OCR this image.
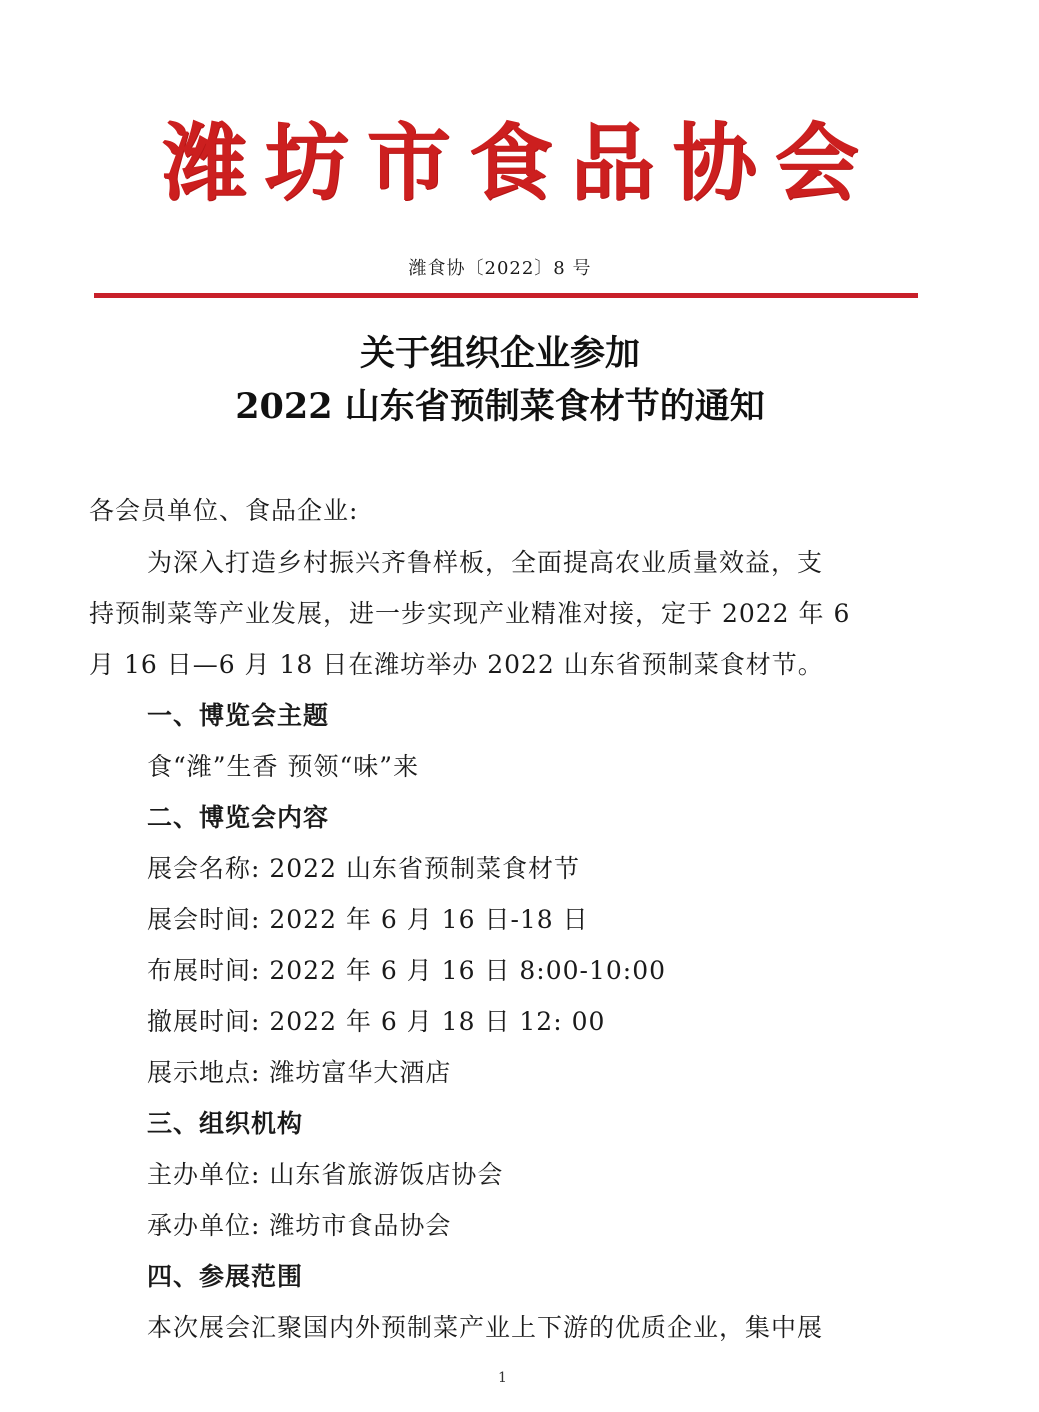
潍坊市食品协会
潍食协〔2022〕8 号
关于组织企业参加
2022 山东省预制菜食材节的通知
各会员单位、食品企业:
为深入打造乡村振兴齐鲁样板，全面提高农业质量效益，支
持预制菜等产业发展，进一步实现产业精准对接，定于 2022 年 6
月 16 日—6 月 18 日在潍坊举办 2022 山东省预制菜食材节。
一、博览会主题
食“潍”生香 预领“味”来
二、博览会内容
展会名称: 2022 山东省预制菜食材节
展会时间: 2022 年 6 月 16 日-18 日
布展时间: 2022 年 6 月 16 日 8:00-10:00
撤展时间: 2022 年 6 月 18 日 12: 00
展示地点: 潍坊富华大酒店
三、组织机构
主办单位: 山东省旅游饭店协会
承办单位: 潍坊市食品协会
四、参展范围
本次展会汇聚国内外预制菜产业上下游的优质企业，集中展
1
